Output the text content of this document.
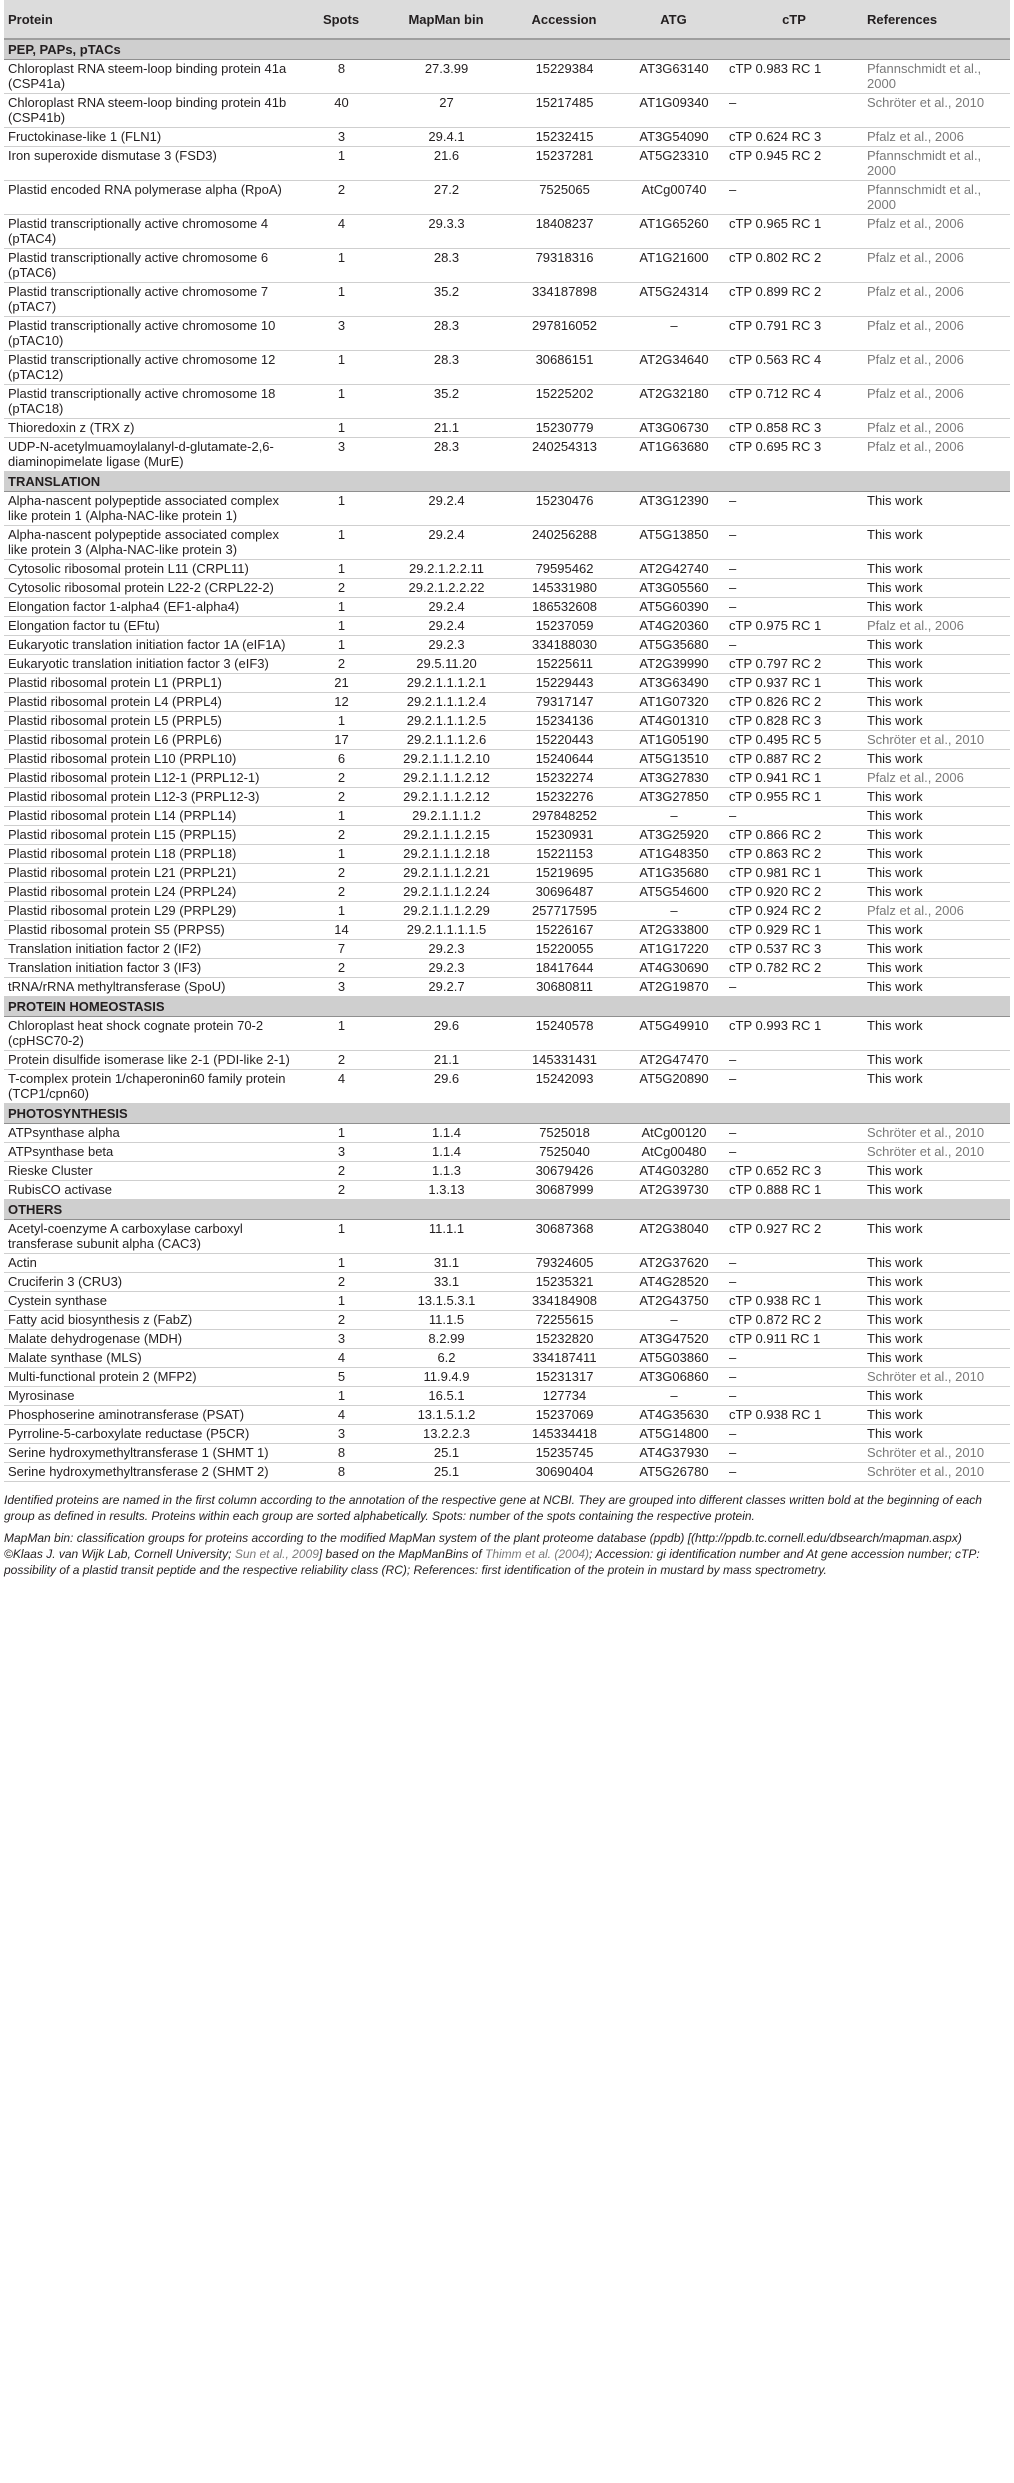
Protein	Spots	MapMan bin	Accession	ATG	cTP	References
PEP, PAPs, pTACs						
Chloroplast RNA steem-loop binding protein 41a (CSP41a)	8	27.3.99	15229384	AT3G63140	cTP 0.983 RC 1	Pfannschmidt et al., 2000
Chloroplast RNA steem-loop binding protein 41b (CSP41b)	40	27	15217485	AT1G09340	–	Schröter et al., 2010
Fructokinase-like 1 (FLN1)	3	29.4.1	15232415	AT3G54090	cTP 0.624 RC 3	Pfalz et al., 2006
Iron superoxide dismutase 3 (FSD3)	1	21.6	15237281	AT5G23310	cTP 0.945 RC 2	Pfannschmidt et al., 2000
Plastid encoded RNA polymerase alpha (RpoA)	2	27.2	7525065	AtCg00740	–	Pfannschmidt et al., 2000
Plastid transcriptionally active chromosome 4 (pTAC4)	4	29.3.3	18408237	AT1G65260	cTP 0.965 RC 1	Pfalz et al., 2006
Plastid transcriptionally active chromosome 6 (pTAC6)	1	28.3	79318316	AT1G21600	cTP 0.802 RC 2	Pfalz et al., 2006
Plastid transcriptionally active chromosome 7 (pTAC7)	1	35.2	334187898	AT5G24314	cTP 0.899 RC 2	Pfalz et al., 2006
Plastid transcriptionally active chromosome 10 (pTAC10)	3	28.3	297816052	–	cTP 0.791 RC 3	Pfalz et al., 2006
Plastid transcriptionally active chromosome 12 (pTAC12)	1	28.3	30686151	AT2G34640	cTP 0.563 RC 4	Pfalz et al., 2006
Plastid transcriptionally active chromosome 18 (pTAC18)	1	35.2	15225202	AT2G32180	cTP 0.712 RC 4	Pfalz et al., 2006
Thioredoxin z (TRX z)	1	21.1	15230779	AT3G06730	cTP 0.858 RC 3	Pfalz et al., 2006
UDP-N-acetylmuamoylalanyl-d-glutamate-2,6-diaminopimelate ligase (MurE)	3	28.3	240254313	AT1G63680	cTP 0.695 RC 3	Pfalz et al., 2006
TRANSLATION						
Alpha-nascent polypeptide associated complex like protein 1 (Alpha-NAC-like protein 1)	1	29.2.4	15230476	AT3G12390	–	This work
Alpha-nascent polypeptide associated complex like protein 3 (Alpha-NAC-like protein 3)	1	29.2.4	240256288	AT5G13850	–	This work
Cytosolic ribosomal protein L11 (CRPL11)	1	29.2.1.2.2.11	79595462	AT2G42740	–	This work
Cytosolic ribosomal protein L22-2 (CRPL22-2)	2	29.2.1.2.2.22	145331980	AT3G05560	–	This work
Elongation factor 1-alpha4 (EF1-alpha4)	1	29.2.4	186532608	AT5G60390	–	This work
Elongation factor tu (EFtu)	1	29.2.4	15237059	AT4G20360	cTP 0.975 RC 1	Pfalz et al., 2006
Eukaryotic translation initiation factor 1A (eIF1A)	1	29.2.3	334188030	AT5G35680	–	This work
Eukaryotic translation initiation factor 3 (eIF3)	2	29.5.11.20	15225611	AT2G39990	cTP 0.797 RC 2	This work
Plastid ribosomal protein L1 (PRPL1)	21	29.2.1.1.1.2.1	15229443	AT3G63490	cTP 0.937 RC 1	This work
Plastid ribosomal protein L4 (PRPL4)	12	29.2.1.1.1.2.4	79317147	AT1G07320	cTP 0.826 RC 2	This work
Plastid ribosomal protein L5 (PRPL5)	1	29.2.1.1.1.2.5	15234136	AT4G01310	cTP 0.828 RC 3	This work
Plastid ribosomal protein L6 (PRPL6)	17	29.2.1.1.1.2.6	15220443	AT1G05190	cTP 0.495 RC 5	Schröter et al., 2010
Plastid ribosomal protein L10 (PRPL10)	6	29.2.1.1.1.2.10	15240644	AT5G13510	cTP 0.887 RC 2	This work
Plastid ribosomal protein L12-1 (PRPL12-1)	2	29.2.1.1.1.2.12	15232274	AT3G27830	cTP 0.941 RC 1	Pfalz et al., 2006
Plastid ribosomal protein L12-3 (PRPL12-3)	2	29.2.1.1.1.2.12	15232276	AT3G27850	cTP 0.955 RC 1	This work
Plastid ribosomal protein L14 (PRPL14)	1	29.2.1.1.1.2	297848252	–	–	This work
Plastid ribosomal protein L15 (PRPL15)	2	29.2.1.1.1.2.15	15230931	AT3G25920	cTP 0.866 RC 2	This work
Plastid ribosomal protein L18 (PRPL18)	1	29.2.1.1.1.2.18	15221153	AT1G48350	cTP 0.863 RC 2	This work
Plastid ribosomal protein L21 (PRPL21)	2	29.2.1.1.1.2.21	15219695	AT1G35680	cTP 0.981 RC 1	This work
Plastid ribosomal protein L24 (PRPL24)	2	29.2.1.1.1.2.24	30696487	AT5G54600	cTP 0.920 RC 2	This work
Plastid ribosomal protein L29 (PRPL29)	1	29.2.1.1.1.2.29	257717595	–	cTP 0.924 RC 2	Pfalz et al., 2006
Plastid ribosomal protein S5 (PRPS5)	14	29.2.1.1.1.1.5	15226167	AT2G33800	cTP 0.929 RC 1	This work
Translation initiation factor 2 (IF2)	7	29.2.3	15220055	AT1G17220	cTP 0.537 RC 3	This work
Translation initiation factor 3 (IF3)	2	29.2.3	18417644	AT4G30690	cTP 0.782 RC 2	This work
tRNA/rRNA methyltransferase (SpoU)	3	29.2.7	30680811	AT2G19870	–	This work
PROTEIN HOMEOSTASIS						
Chloroplast heat shock cognate protein 70-2 (cpHSC70-2)	1	29.6	15240578	AT5G49910	cTP 0.993 RC 1	This work
Protein disulfide isomerase like 2-1 (PDI-like 2-1)	2	21.1	145331431	AT2G47470	–	This work
T-complex protein 1/chaperonin60 family protein (TCP1/cpn60)	4	29.6	15242093	AT5G20890	–	This work
PHOTOSYNTHESIS						
ATPsynthase alpha	1	1.1.4	7525018	AtCg00120	–	Schröter et al., 2010
ATPsynthase beta	3	1.1.4	7525040	AtCg00480	–	Schröter et al., 2010
Rieske Cluster	2	1.1.3	30679426	AT4G03280	cTP 0.652 RC 3	This work
RubisCO activase	2	1.3.13	30687999	AT2G39730	cTP 0.888 RC 1	This work
OTHERS						
Acetyl-coenzyme A carboxylase carboxyl transferase subunit alpha (CAC3)	1	11.1.1	30687368	AT2G38040	cTP 0.927 RC 2	This work
Actin	1	31.1	79324605	AT2G37620	–	This work
Cruciferin 3 (CRU3)	2	33.1	15235321	AT4G28520	–	This work
Cystein synthase	1	13.1.5.3.1	334184908	AT2G43750	cTP 0.938 RC 1	This work
Fatty acid biosynthesis z (FabZ)	2	11.1.5	72255615	–	cTP 0.872 RC 2	This work
Malate dehydrogenase (MDH)	3	8.2.99	15232820	AT3G47520	cTP 0.911 RC 1	This work
Malate synthase (MLS)	4	6.2	334187411	AT5G03860	–	This work
Multi-functional protein 2 (MFP2)	5	11.9.4.9	15231317	AT3G06860	–	Schröter et al., 2010
Myrosinase	1	16.5.1	127734	–	–	This work
Phosphoserine aminotransferase (PSAT)	4	13.1.5.1.2	15237069	AT4G35630	cTP 0.938 RC 1	This work
Pyrroline-5-carboxylate reductase (P5CR)	3	13.2.2.3	145334418	AT5G14800	–	This work
Serine hydroxymethyltransferase 1 (SHMT 1)	8	25.1	15235745	AT4G37930	–	Schröter et al., 2010
Serine hydroxymethyltransferase 2 (SHMT 2)	8	25.1	30690404	AT5G26780	–	Schröter et al., 2010

Identified proteins are named in the first column according to the annotation of the respective gene at NCBI. They are grouped into different classes written bold at the beginning of each group as defined in results. Proteins within each group are sorted alphabetically. Spots: number of the spots containing the respective protein.

MapMan bin: classification groups for proteins according to the modified MapMan system of the plant proteome database (ppdb) [(http://ppdb.tc.cornell.edu/dbsearch/mapman.aspx) ©Klaas J. van Wijk Lab, Cornell University; Sun et al., 2009] based on the MapManBins of Thimm et al. (2004); Accession: gi identification number and At gene accession number; cTP: possibility of a plastid transit peptide and the respective reliability class (RC); References: first identification of the protein in mustard by mass spectrometry.
